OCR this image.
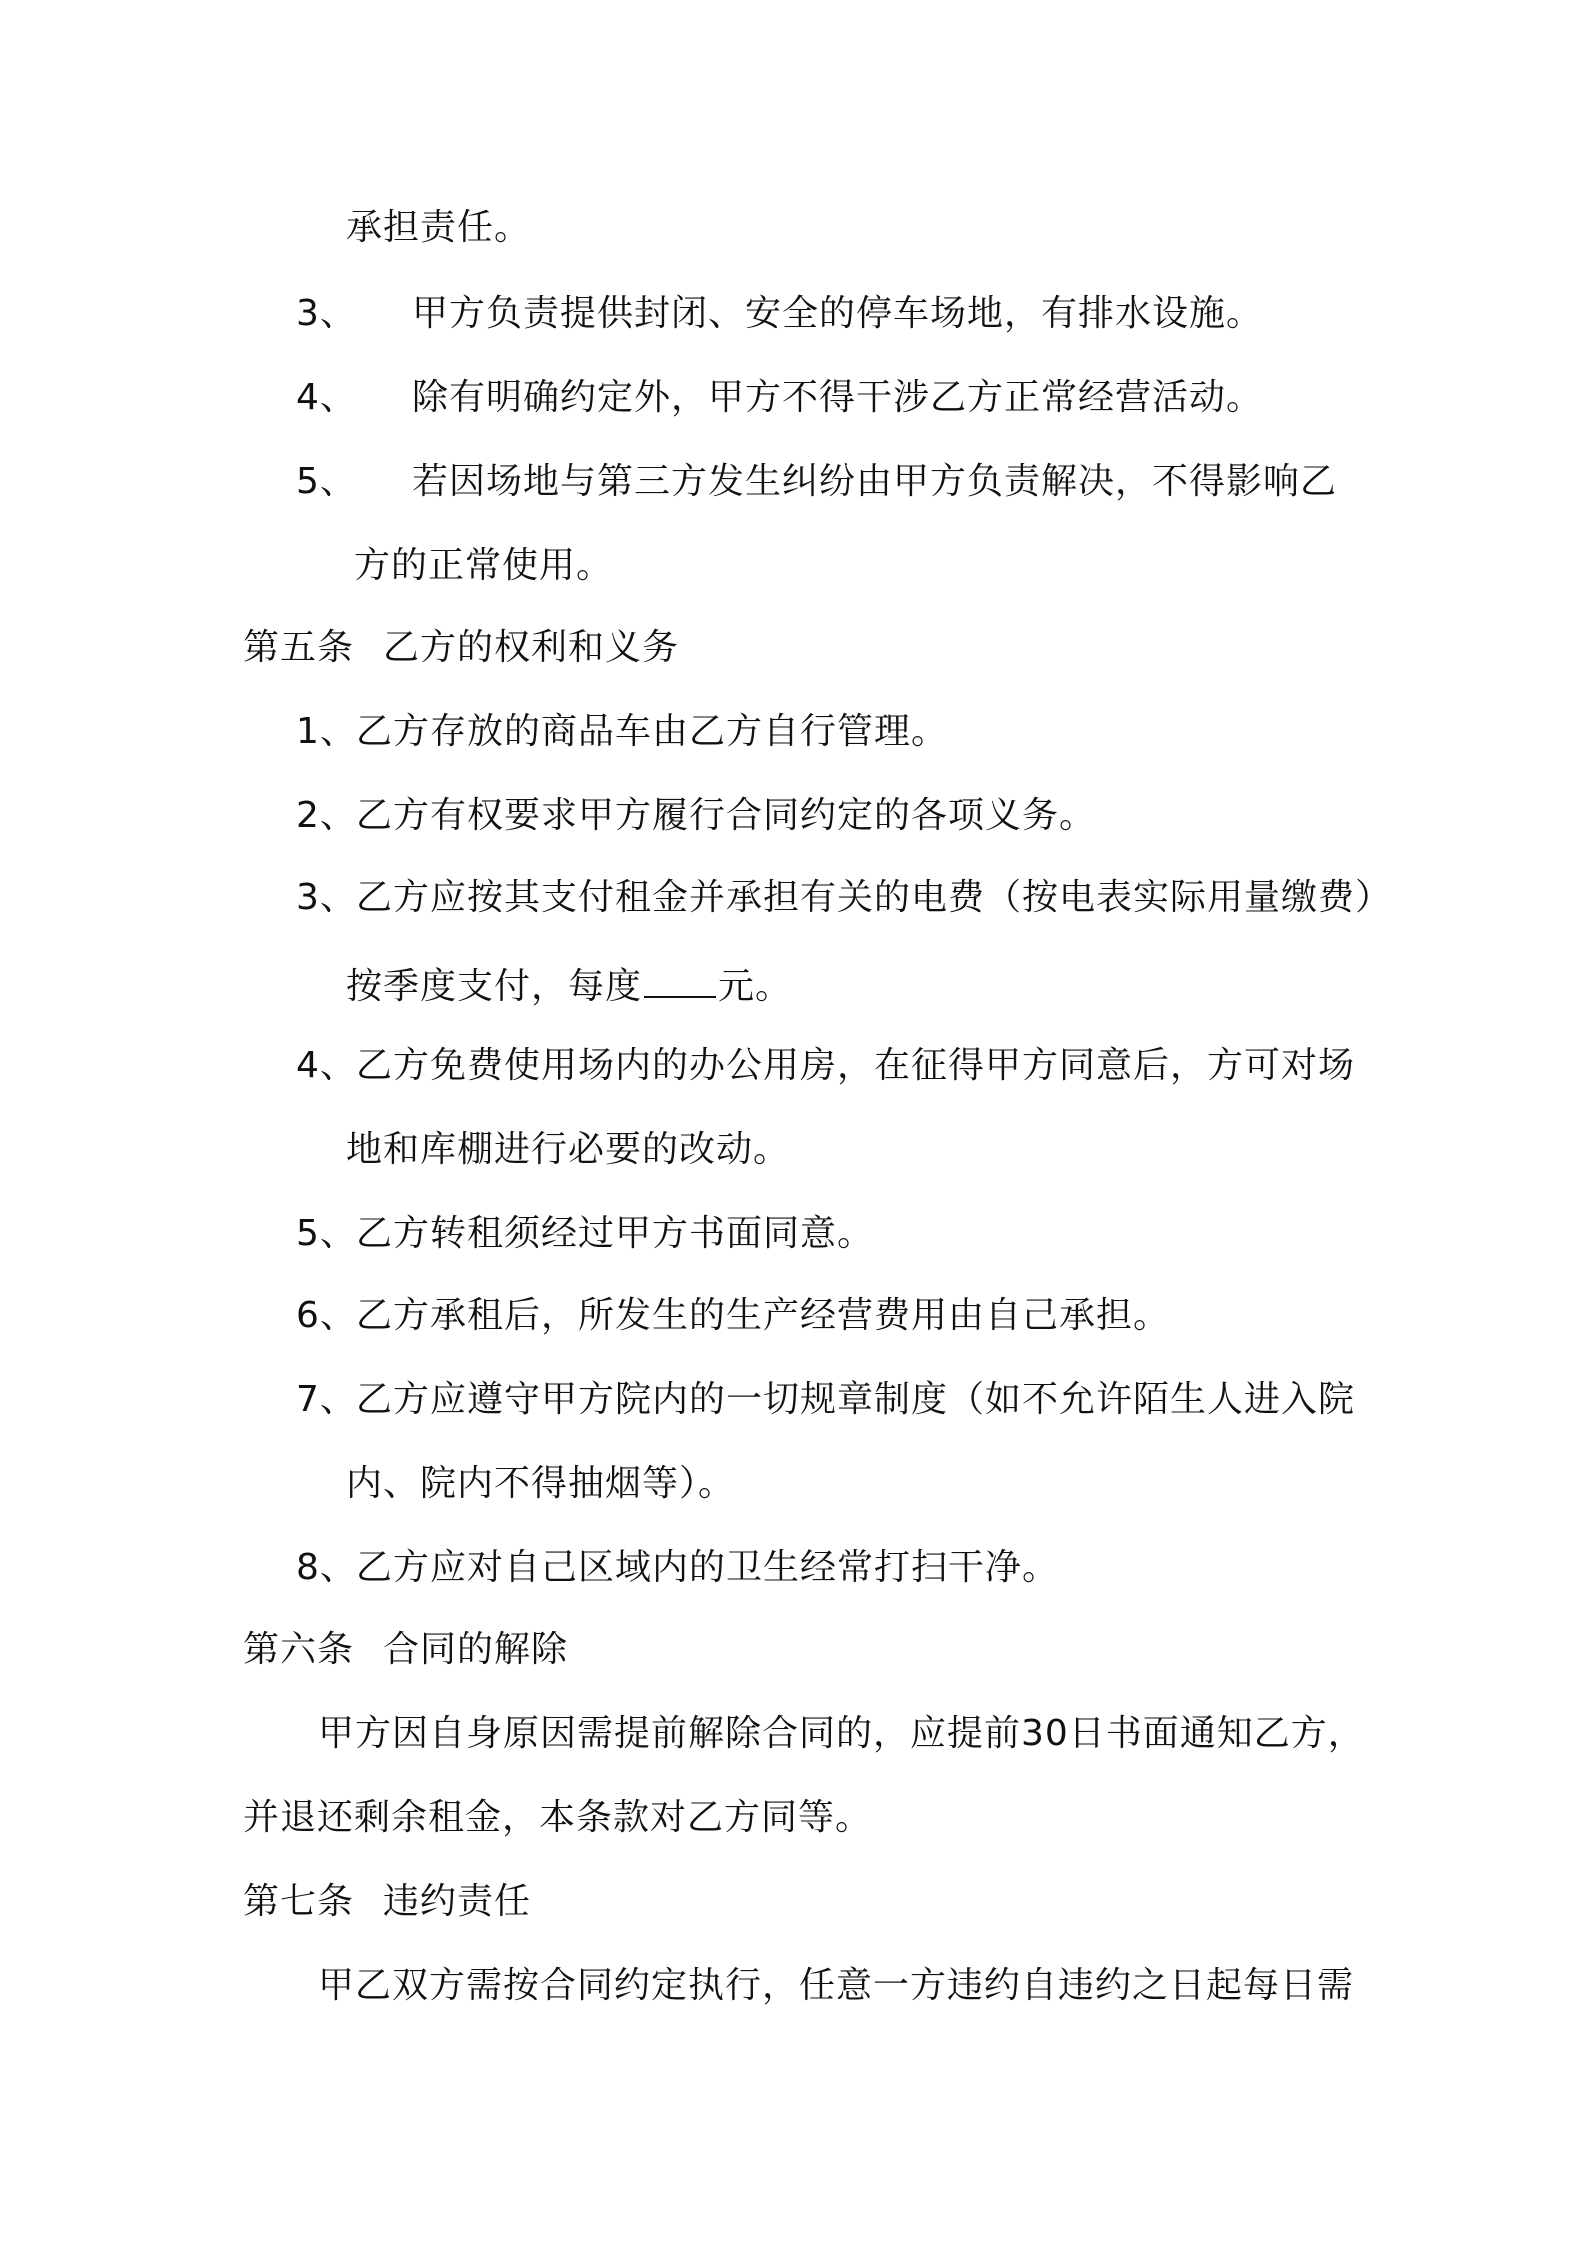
承担责任。
3、 甲方负责提供封闭、安全的停车场地，有排水设施。
4、 除有明确约定外，甲方不得干涉乙方正常经营活动。
5、 若因场地与第三方发生纠纷由甲方负责解决，不得影响乙
方的正常使用。
第五条 乙方的权利和义务
1、乙方存放的商品车由乙方自行管理。
2、乙方有权要求甲方履行合同约定的各项义务。
3、乙方应按其支付租金并承担有关的电费（按电表实际用量缴费）
按季度支付，每度 元。
4、乙方免费使用场内的办公用房，在征得甲方同意后，方可对场
地和库棚进行必要的改动。
5、乙方转租须经过甲方书面同意。
6、乙方承租后，所发生的生产经营费用由自己承担。
7、乙方应遵守甲方院内的一切规章制度（如不允许陌生人进入院
内、院内不得抽烟等）。
8、乙方应对自己区域内的卫生经常打扫干净。
第六条 合同的解除
甲方因自身原因需提前解除合同的，应提前30日书面通知乙方，
并退还剩余租金，本条款对乙方同等。
第七条 违约责任
甲乙双方需按合同约定执行，任意一方违约自违约之日起每日需
